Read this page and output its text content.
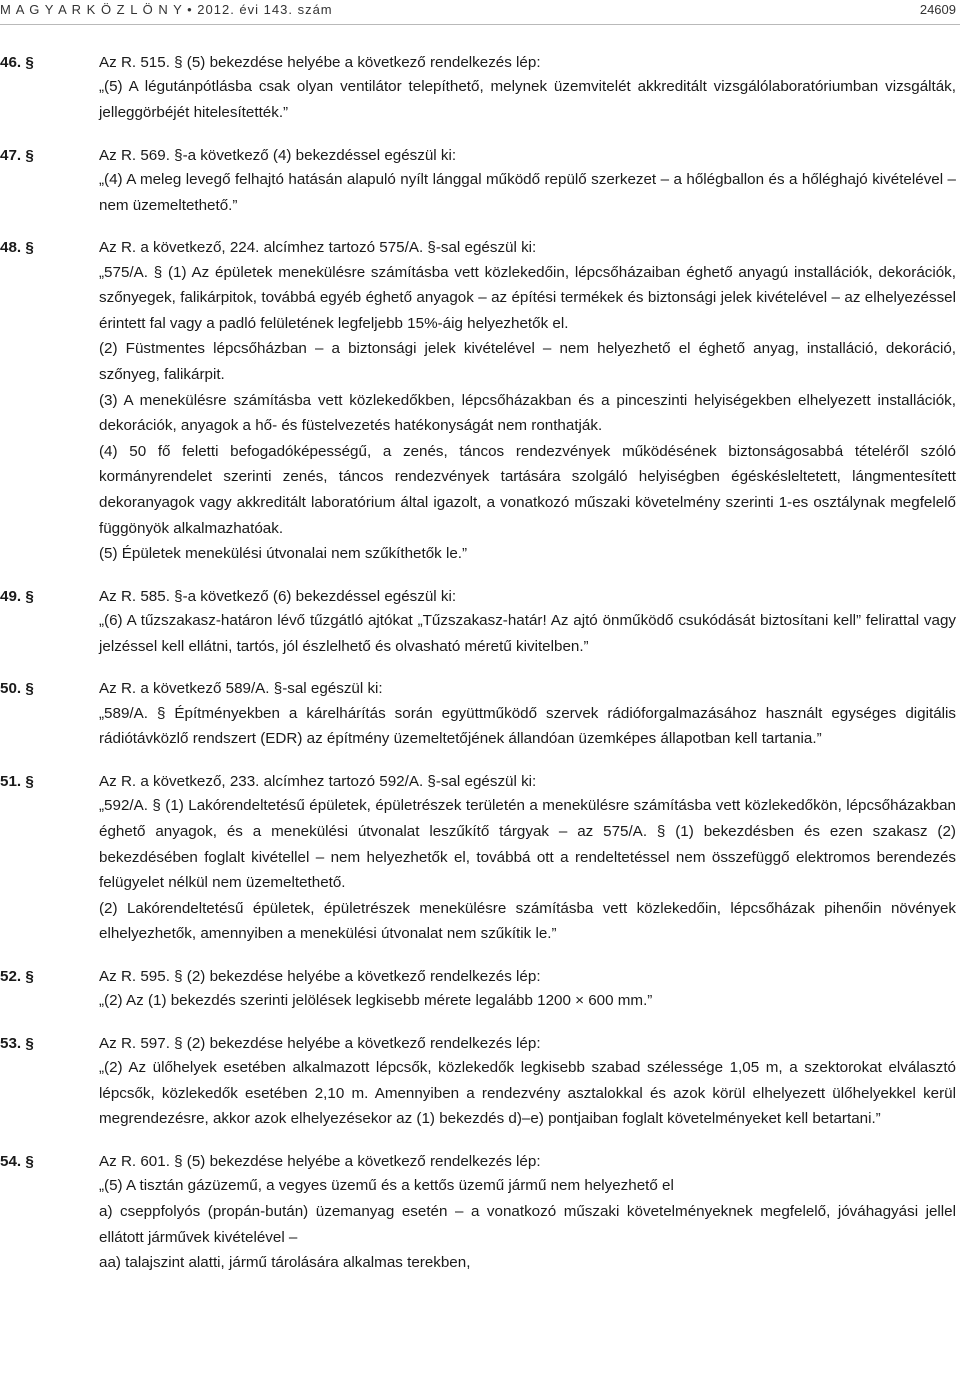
M A G Y A R K Ö Z L Ö N Y • 2012. évi 143. szám	24609
46. §	Az R. 515. § (5) bekezdése helyébe a következő rendelkezés lép:
„(5) A légutánpótlásba csak olyan ventilátor telepíthető, melynek üzemvitelét akkreditált vizsgálólaboratóriumban vizsgálták, jelleggörbéjét hitelesítették.”
47. §	Az R. 569. §-a következő (4) bekezdéssel egészül ki:
„(4) A meleg levegő felhajtó hatásán alapuló nyílt lánggal működő repülő szerkezet – a hőlégballon és a hőléghajó kivételével – nem üzemeltethető.”
48. §	Az R. a következő, 224. alcímhez tartozó 575/A. §-sal egészül ki:
„575/A. § (1) Az épületek menekülésre számításba vett közlekedőin, lépcsőházaiban éghető anyagú installációk, dekorációk, szőnyegek, falikárpitok, továbbá egyéb éghető anyagok – az építési termékek és biztonsági jelek kivételével – az elhelyezéssel érintett fal vagy a padló felületének legfeljebb 15%-áig helyezhetők el.
(2) Füstmentes lépcsőházban – a biztonsági jelek kivételével – nem helyezhető el éghető anyag, installáció, dekoráció, szőnyeg, falikárpit.
(3) A menekülésre számításba vett közlekedőkben, lépcsőházakban és a pinceszinti helyiségekben elhelyezett installációk, dekorációk, anyagok a hő- és füstelvezetés hatékonyságát nem ronthatják.
(4) 50 fő feletti befogadóképességű, a zenés, táncos rendezvények működésének biztonságosabbá tételéről szóló kormányrendelet szerinti zenés, táncos rendezvények tartására szolgáló helyiségben égéskésleltetett, lángmentesített dekoranyagok vagy akkreditált laboratórium által igazolt, a vonatkozó műszaki követelmény szerinti 1-es osztálynak megfelelő függönyök alkalmazhatóak.
(5) Épületek menekülési útvonalai nem szűkíthetők le.”
49. §	Az R. 585. §-a következő (6) bekezdéssel egészül ki:
„(6) A tűzszakasz-határon lévő tűzgátló ajtókat „Tűzszakasz-határ! Az ajtó önműködő csukódását biztosítani kell” felirattal vagy jelzéssel kell ellátni, tartós, jól észlelhető és olvasható méretű kivitelben.”
50. §	Az R. a következő 589/A. §-sal egészül ki:
„589/A. § Építményekben a kárelhárítás során együttműködő szervek rádióforgalmazásához használt egységes digitális rádiótávközlő rendszert (EDR) az építmény üzemeltetőjének állandóan üzemképes állapotban kell tartania.”
51. §	Az R. a következő, 233. alcímhez tartozó 592/A. §-sal egészül ki:
„592/A. § (1) Lakórendeltetésű épületek, épületrészek területén a menekülésre számításba vett közlekedőkön, lépcsőházakban éghető anyagok, és a menekülési útvonalat leszűkítő tárgyak – az 575/A. § (1) bekezdésben és ezen szakasz (2) bekezdésében foglalt kivétellel – nem helyezhetők el, továbbá ott a rendeltetéssel nem összefüggő elektromos berendezés felügyelet nélkül nem üzemeltethető.
(2) Lakórendeltetésű épületek, épületrészek menekülésre számításba vett közlekedőin, lépcsőházak pihenőin növények elhelyezhetők, amennyiben a menekülési útvonalat nem szűkítik le.”
52. §	Az R. 595. § (2) bekezdése helyébe a következő rendelkezés lép:
„(2) Az (1) bekezdés szerinti jelölések legkisebb mérete legalább 1200 × 600 mm.”
53. §	Az R. 597. § (2) bekezdése helyébe a következő rendelkezés lép:
„(2) Az ülőhelyek esetében alkalmazott lépcsők, közlekedők legkisebb szabad szélessége 1,05 m, a szektorokat elválasztó lépcsők, közlekedők esetében 2,10 m. Amennyiben a rendezvény asztalokkal és azok körül elhelyezett ülőhelyekkel kerül megrendezésre, akkor azok elhelyezésekor az (1) bekezdés d)–e) pontjaiban foglalt követelményeket kell betartani.”
54. §	Az R. 601. § (5) bekezdése helyébe a következő rendelkezés lép:
„(5) A tisztán gázüzemű, a vegyes üzemű és a kettős üzemű jármű nem helyezhető el
a) cseppfolyós (propán-bután) üzemanyag esetén – a vonatkozó műszaki követelményeknek megfelelő, jóváhagyási jellel ellátott járművek kivételével –
aa) talajszint alatti, jármű tárolására alkalmas terekben,
